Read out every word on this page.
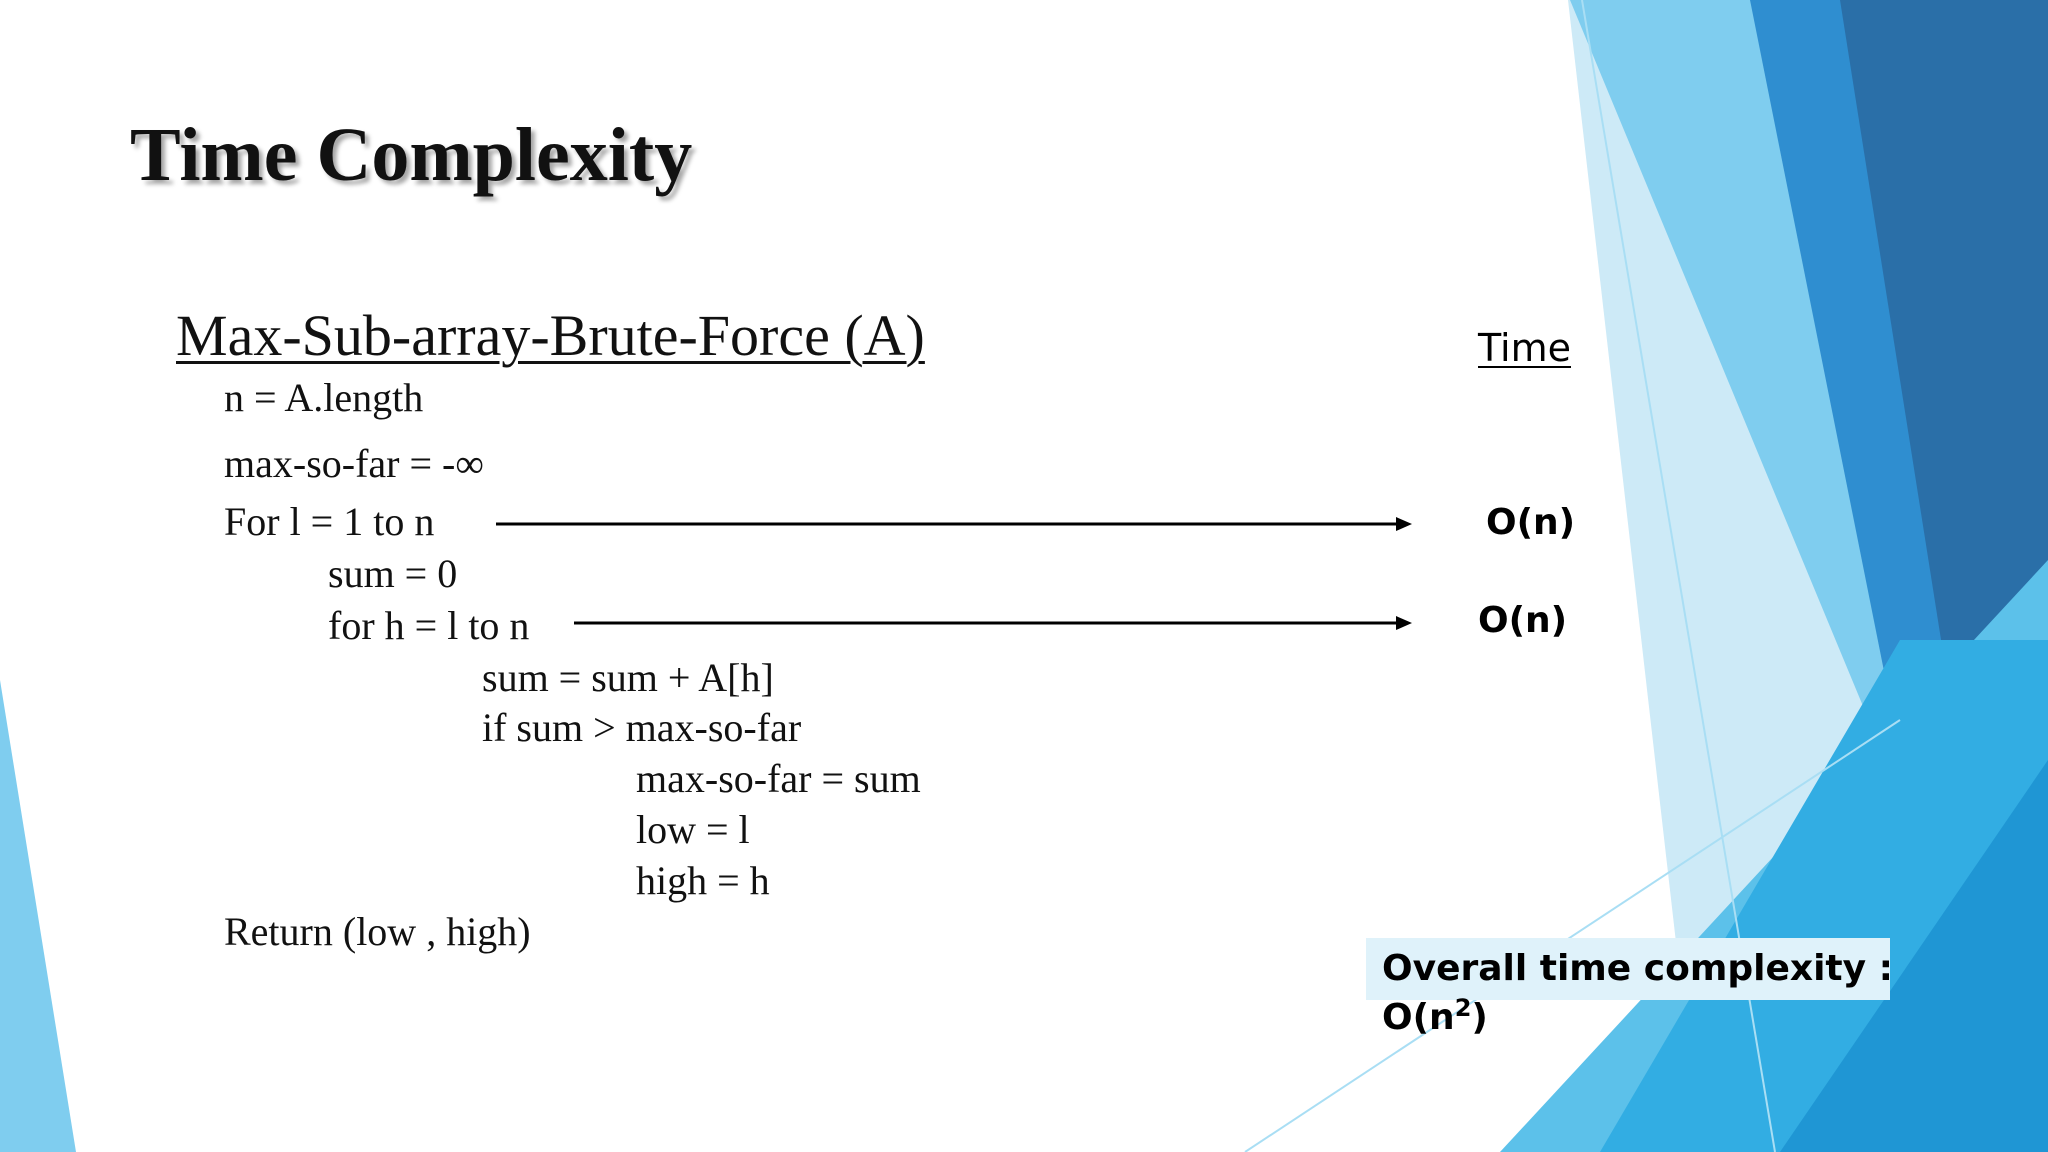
Time Complexity
Max-Sub-array-Brute-Force (A)
n = A.length
max-so-far = -∞
For l = 1 to n
sum = 0
for h = l to n
sum = sum + A[h]
if sum > max-so-far
max-so-far = sum
low = l
high = h
Return (low , high)
Time
O(n)
O(n)
Overall time complexity :
$O(n^2)$
